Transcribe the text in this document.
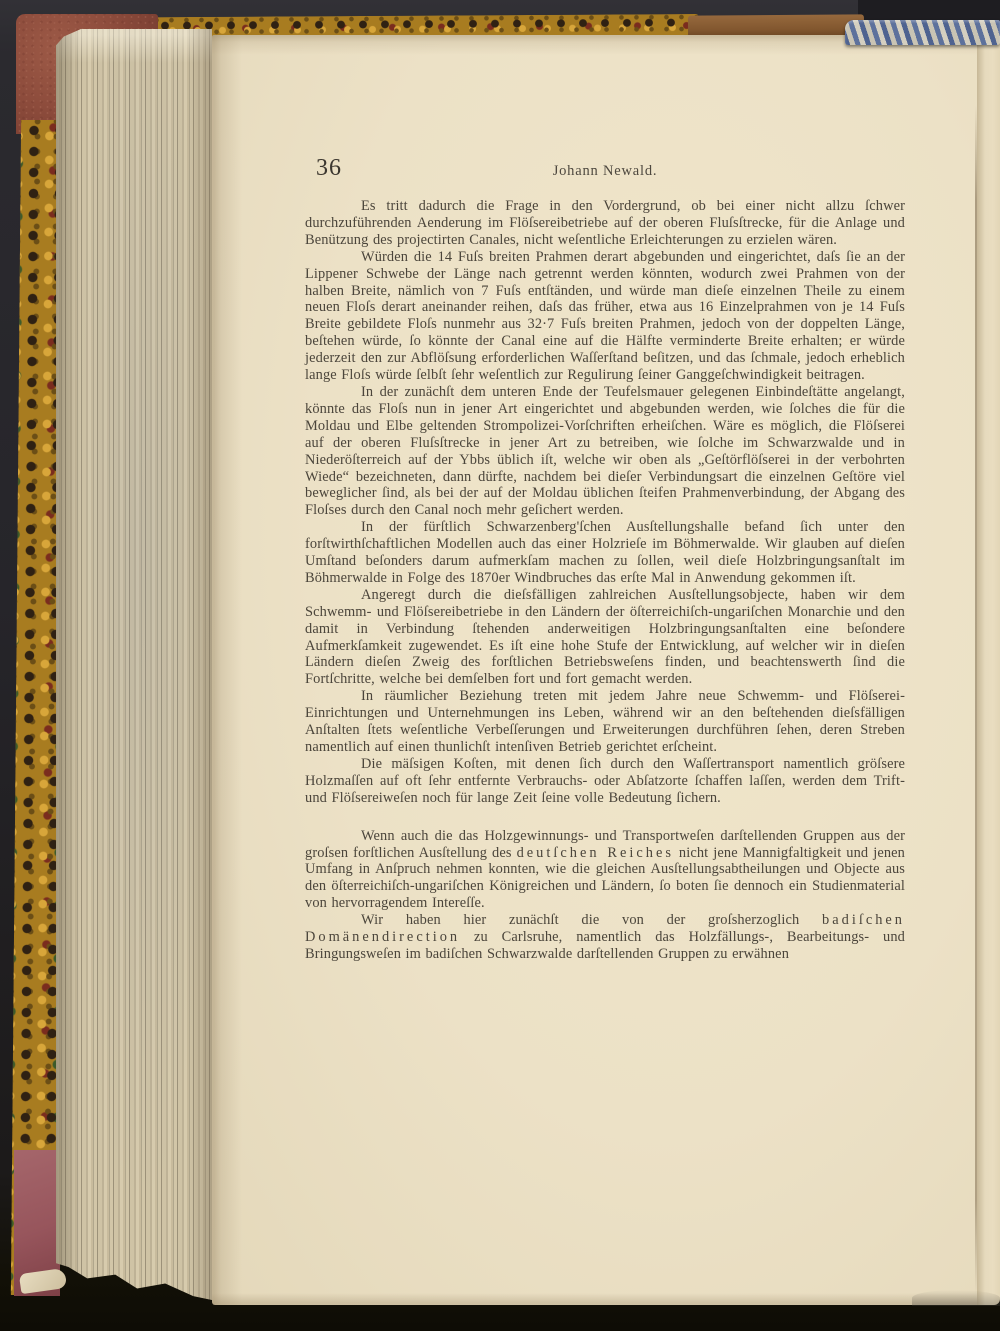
36	Johann Newald.

Es tritt dadurch die Frage in den Vordergrund, ob bei einer nicht allzu ſchwer durchzuführenden Aenderung im Flöſsereibetriebe auf der oberen Fluſsſtrecke, für die Anlage und Benützung des projectirten Canales, nicht weſentliche Erleichterungen zu erzielen wären.

Würden die 14 Fuſs breiten Prahmen derart abgebunden und eingerichtet, daſs ſie an der Lippener Schwebe der Länge nach getrennt werden könnten, wodurch zwei Prahmen von der halben Breite, nämlich von 7 Fuſs entſtänden, und würde man dieſe einzelnen Theile zu einem neuen Floſs derart aneinander reihen, daſs das früher, etwa aus 16 Einzelprahmen von je 14 Fuſs Breite gebildete Floſs nunmehr aus 32·7 Fuſs breiten Prahmen, jedoch von der doppelten Länge, beſtehen würde, ſo könnte der Canal eine auf die Hälfte verminderte Breite erhalten; er würde jederzeit den zur Abflöſsung erforderlichen Waſſerſtand beſitzen, und das ſchmale, jedoch erheblich lange Floſs würde ſelbſt ſehr weſentlich zur Regulirung ſeiner Ganggeſchwindigkeit beitragen.

In der zunächſt dem unteren Ende der Teufelsmauer gelegenen Einbindeſtätte angelangt, könnte das Floſs nun in jener Art eingerichtet und abgebunden werden, wie ſolches die für die Moldau und Elbe geltenden Strompolizei-Vorſchriften erheiſchen. Wäre es möglich, die Flöſserei auf der oberen Fluſsſtrecke in jener Art zu betreiben, wie ſolche im Schwarzwalde und in Niederöſterreich auf der Ybbs üblich iſt, welche wir oben als „Geſtörflöſserei in der verbohrten Wiede“ bezeichneten, dann dürfte, nachdem bei dieſer Verbindungsart die einzelnen Geſtöre viel beweglicher ſind, als bei der auf der Moldau üblichen ſteifen Prahmenverbindung, der Abgang des Floſses durch den Canal noch mehr geſichert werden.

In der fürſtlich Schwarzenberg'ſchen Ausſtellungshalle befand ſich unter den forſtwirthſchaftlichen Modellen auch das einer Holzrieſe im Böhmerwalde. Wir glauben auf dieſen Umſtand beſonders darum aufmerkſam machen zu ſollen, weil dieſe Holzbringungsanſtalt im Böhmerwalde in Folge des 1870er Windbruches das erſte Mal in Anwendung gekommen iſt.

Angeregt durch die dieſsfälligen zahlreichen Ausſtellungsobjecte, haben wir dem Schwemm- und Flöſsereibetriebe in den Ländern der öſterreichiſch-ungariſchen Monarchie und den damit in Verbindung ſtehenden anderweitigen Holzbringungsanſtalten eine beſondere Aufmerkſamkeit zugewendet. Es iſt eine hohe Stufe der Entwicklung, auf welcher wir in dieſen Ländern dieſen Zweig des forſtlichen Betriebsweſens finden, und beachtenswerth ſind die Fortſchritte, welche bei demſelben fort und fort gemacht werden.

In räumlicher Beziehung treten mit jedem Jahre neue Schwemm- und Flöſserei-Einrichtungen und Unternehmungen ins Leben, während wir an den beſtehenden dieſsfälligen Anſtalten ſtets weſentliche Verbeſſerungen und Erweiterungen durchführen ſehen, deren Streben namentlich auf einen thunlichſt intenſiven Betrieb gerichtet erſcheint.

Die mäſsigen Koſten, mit denen ſich durch den Waſſertransport namentlich gröſsere Holzmaſſen auf oft ſehr entfernte Verbrauchs- oder Abſatzorte ſchaffen laſſen, werden dem Trift- und Flöſsereiweſen noch für lange Zeit ſeine volle Bedeutung ſichern.

Wenn auch die das Holzgewinnungs- und Transportweſen darſtellenden Gruppen aus der groſsen forſtlichen Ausſtellung des deutſchen Reiches nicht jene Mannigfaltigkeit und jenen Umfang in Anſpruch nehmen konnten, wie die gleichen Ausſtellungsabtheilungen und Objecte aus den öſterreichiſch-ungariſchen Königreichen und Ländern, ſo boten ſie dennoch ein Studienmaterial von hervorragendem Intereſſe.

Wir haben hier zunächſt die von der groſsherzoglich badiſchen Domänendirection zu Carlsruhe, namentlich das Holzfällungs-, Bearbeitungs- und Bringungsweſen im badiſchen Schwarzwalde darſtellenden Gruppen zu erwähnen
